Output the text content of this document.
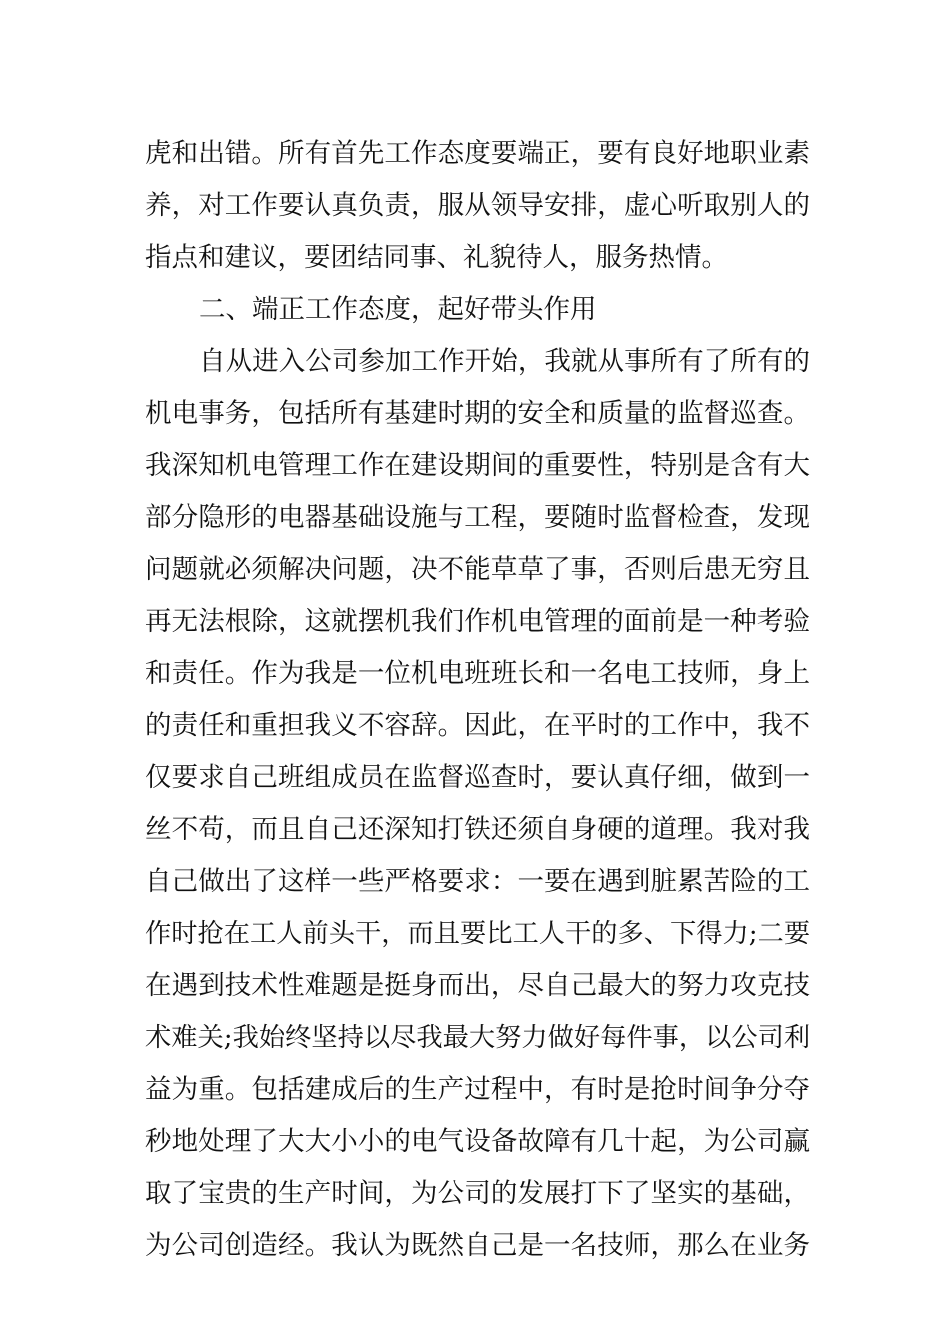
虎和出错。所有首先工作态度要端正，要有良好地职业素
养，对工作要认真负责，服从领导安排，虚心听取别人的
指点和建议，要团结同事、礼貌待人，服务热情。
二、端正工作态度，起好带头作用
自从进入公司参加工作开始，我就从事所有了所有的
机电事务，包括所有基建时期的安全和质量的监督巡查。
我深知机电管理工作在建设期间的重要性，特别是含有大
部分隐形的电器基础设施与工程，要随时监督检查，发现
问题就必须解决问题，决不能草草了事，否则后患无穷且
再无法根除，这就摆机我们作机电管理的面前是一种考验
和责任。作为我是一位机电班班长和一名电工技师，身上
的责任和重担我义不容辞。因此，在平时的工作中，我不
仅要求自己班组成员在监督巡查时，要认真仔细，做到一
丝不苟，而且自己还深知打铁还须自身硬的道理。我对我
自己做出了这样一些严格要求：一要在遇到脏累苦险的工
作时抢在工人前头干，而且要比工人干的多、下得力;二要
在遇到技术性难题是挺身而出，尽自己最大的努力攻克技
术难关;我始终坚持以尽我最大努力做好每件事，以公司利
益为重。包括建成后的生产过程中，有时是抢时间争分夺
秒地处理了大大小小的电气设备故障有几十起，为公司赢
取了宝贵的生产时间，为公司的发展打下了坚实的基础，
为公司创造经。我认为既然自己是一名技师，那么在业务
